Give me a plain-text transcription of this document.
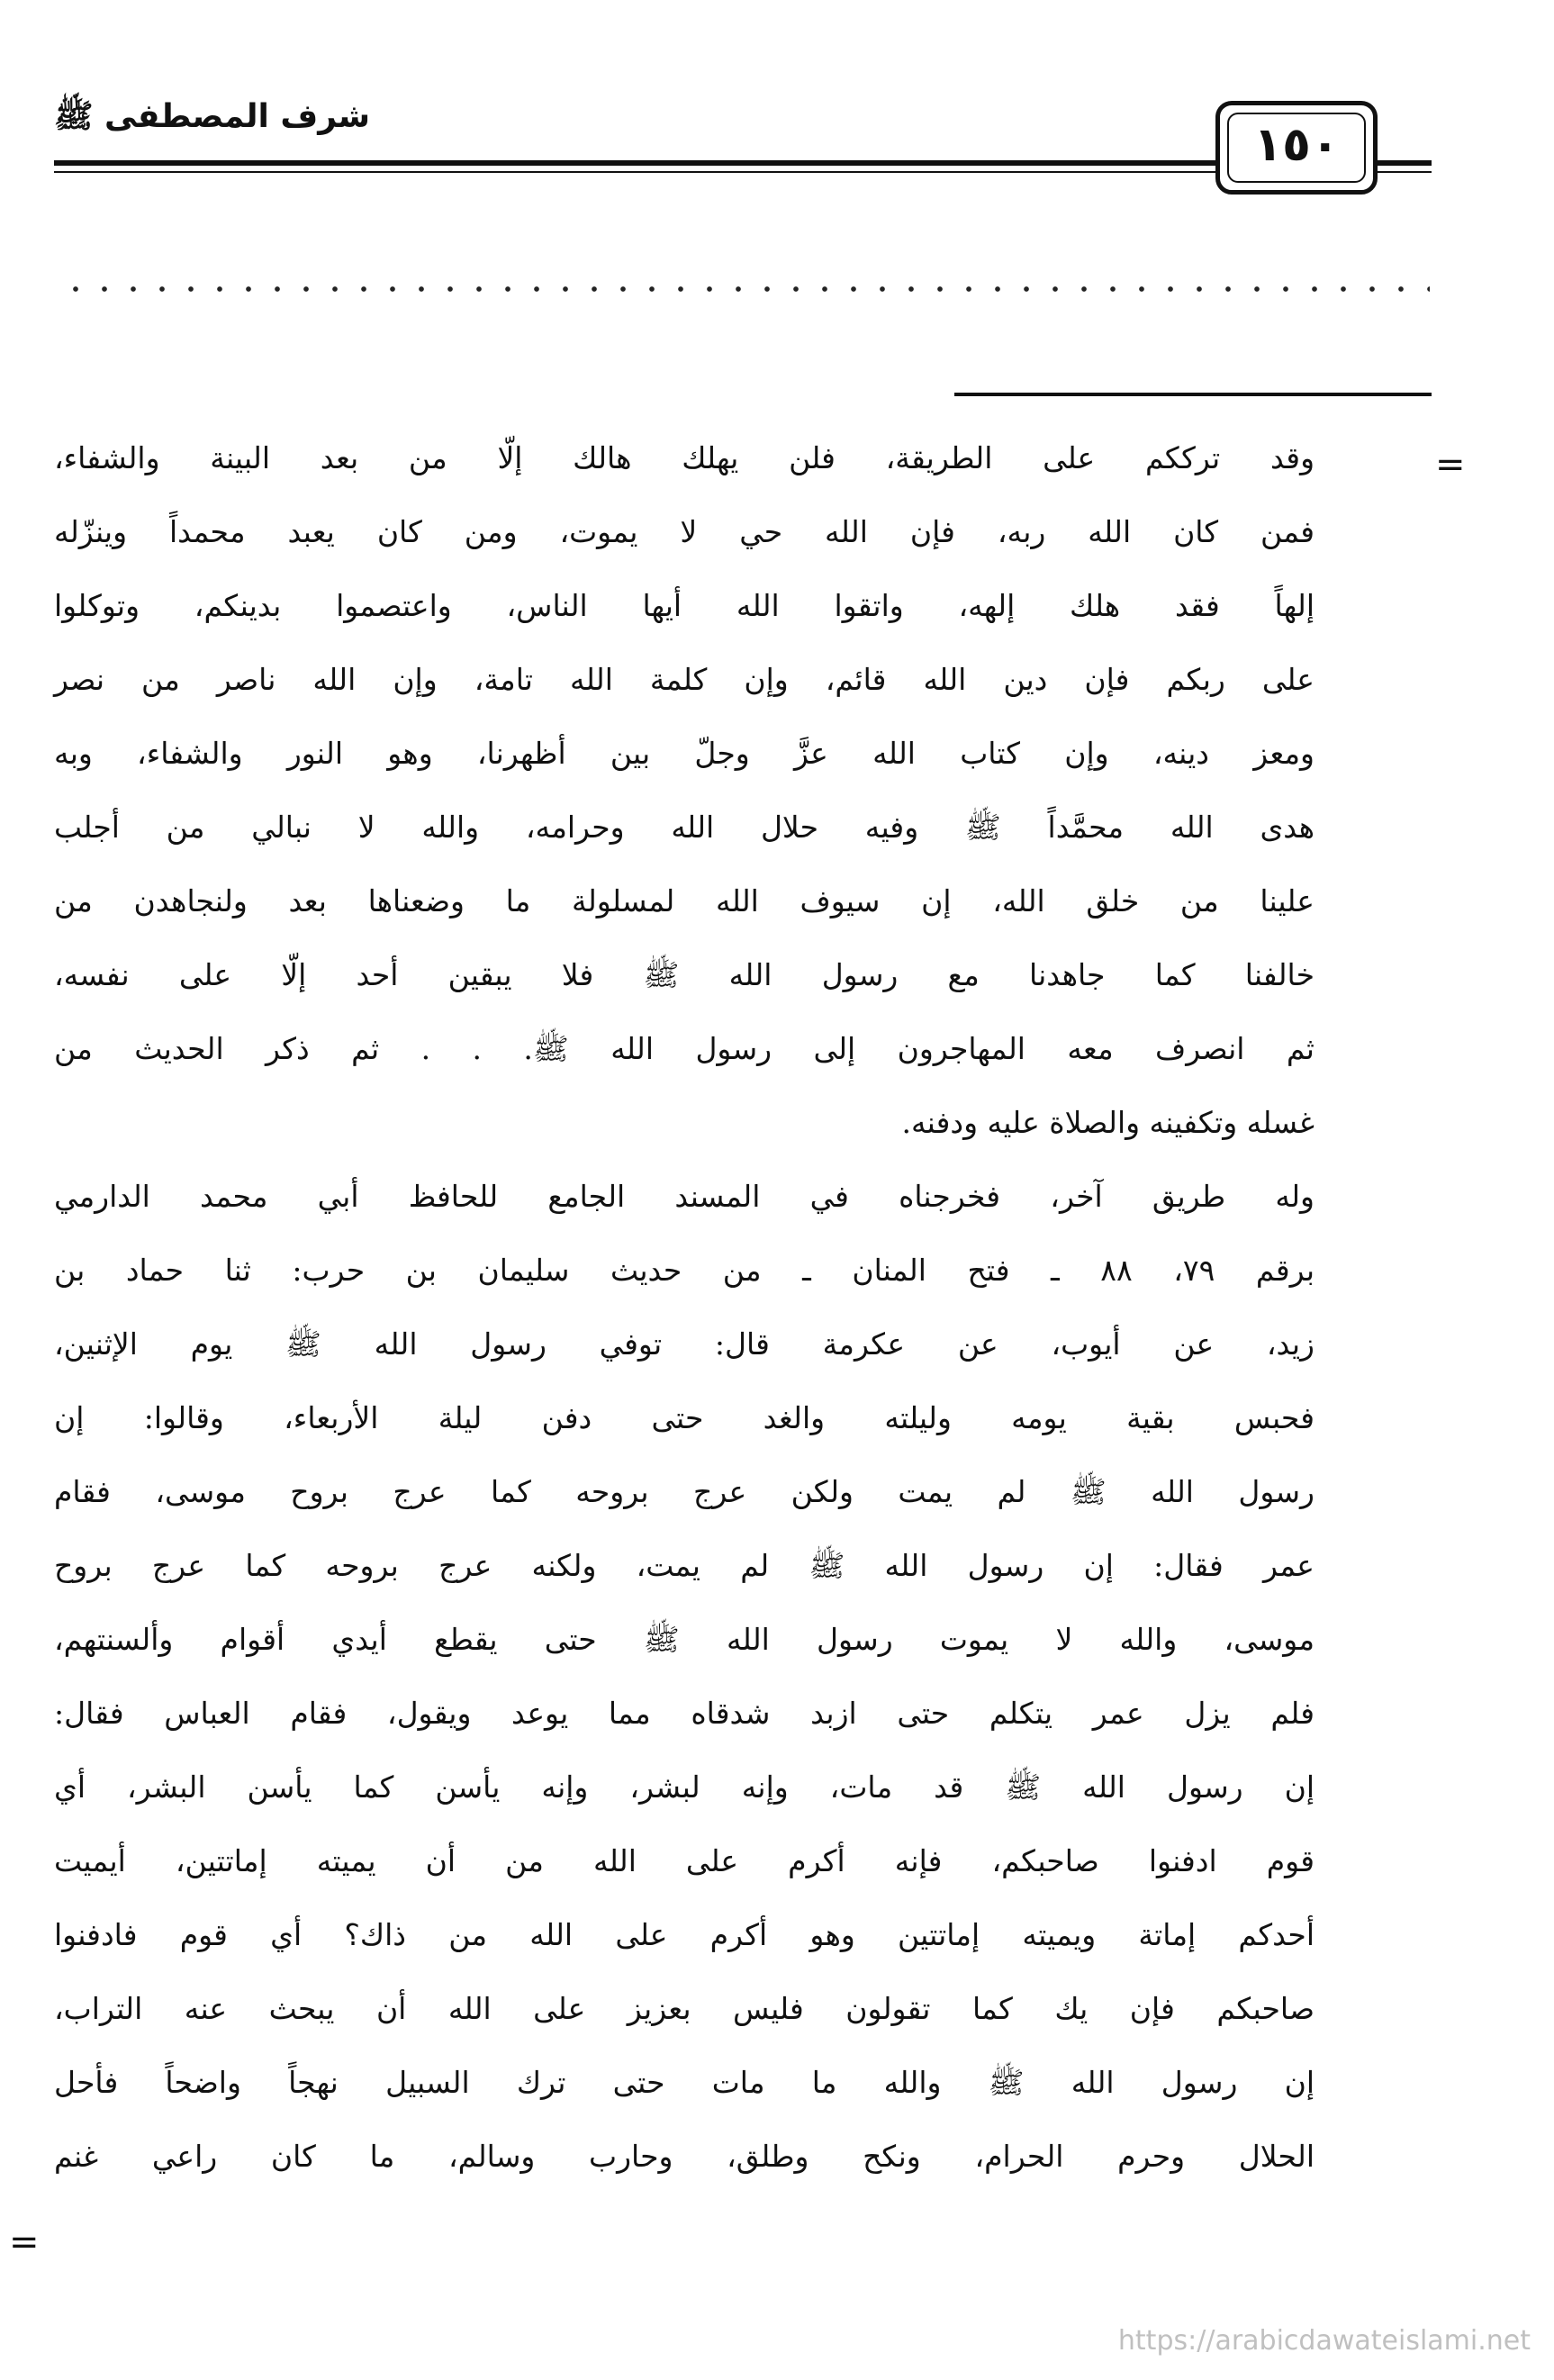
شرف المصطفى ﷺ
١٥٠
=
=
وقد ترككم على الطريقة، فلن يهلك هالك إلّا من بعد البينة والشفاء،
فمن كان الله ربه، فإن الله حي لا يموت، ومن كان يعبد محمداً وينزّله
إلهاً فقد هلك إلهه، واتقوا الله أيها الناس، واعتصموا بدينكم، وتوكلوا
على ربكم فإن دين الله قائم، وإن كلمة الله تامة، وإن الله ناصر من نصر
ومعز دينه، وإن كتاب الله عزَّ وجلّ بين أظهرنا، وهو النور والشفاء، وبه
هدى الله محمَّداً ﷺ وفيه حلال الله وحرامه، والله لا نبالي من أجلب
علينا من خلق الله، إن سيوف الله لمسلولة ما وضعناها بعد ولنجاهدن من
خالفنا كما جاهدنا مع رسول الله ﷺ فلا يبقين أحد إلّا على نفسه،
ثم انصرف معه المهاجرون إلى رسول الله ﷺ. . . ثم ذكر الحديث من
غسله وتكفينه والصلاة عليه ودفنه.
وله طريق آخر، فخرجناه في المسند الجامع للحافظ أبي محمد الدارمي
برقم ٧٩، ٨٨ ـ فتح المنان ـ من حديث سليمان بن حرب: ثنا حماد بن
زيد، عن أيوب، عن عكرمة قال: توفي رسول الله ﷺ يوم الإثنين،
فحبس بقية يومه وليلته والغد حتى دفن ليلة الأربعاء، وقالوا: إن
رسول الله ﷺ لم يمت ولكن عرج بروحه كما عرج بروح موسى، فقام
عمر فقال: إن رسول الله ﷺ لم يمت، ولكنه عرج بروحه كما عرج بروح
موسى، والله لا يموت رسول الله ﷺ حتى يقطع أيدي أقوام وألسنتهم،
فلم يزل عمر يتكلم حتى ازبد شدقاه مما يوعد ويقول، فقام العباس فقال:
إن رسول الله ﷺ قد مات، وإنه لبشر، وإنه يأسن كما يأسن البشر، أي
قوم ادفنوا صاحبكم، فإنه أكرم على الله من أن يميته إماتتين، أيميت
أحدكم إماتة ويميته إماتتين وهو أكرم على الله من ذاك؟ أي قوم فادفنوا
صاحبكم فإن يك كما تقولون فليس بعزيز على الله أن يبحث عنه التراب،
إن رسول الله ﷺ والله ما مات حتى ترك السبيل نهجاً واضحاً فأحل
الحلال وحرم الحرام، ونكح وطلق، وحارب وسالم، ما كان راعي غنم
https://arabicdawateislami.net
